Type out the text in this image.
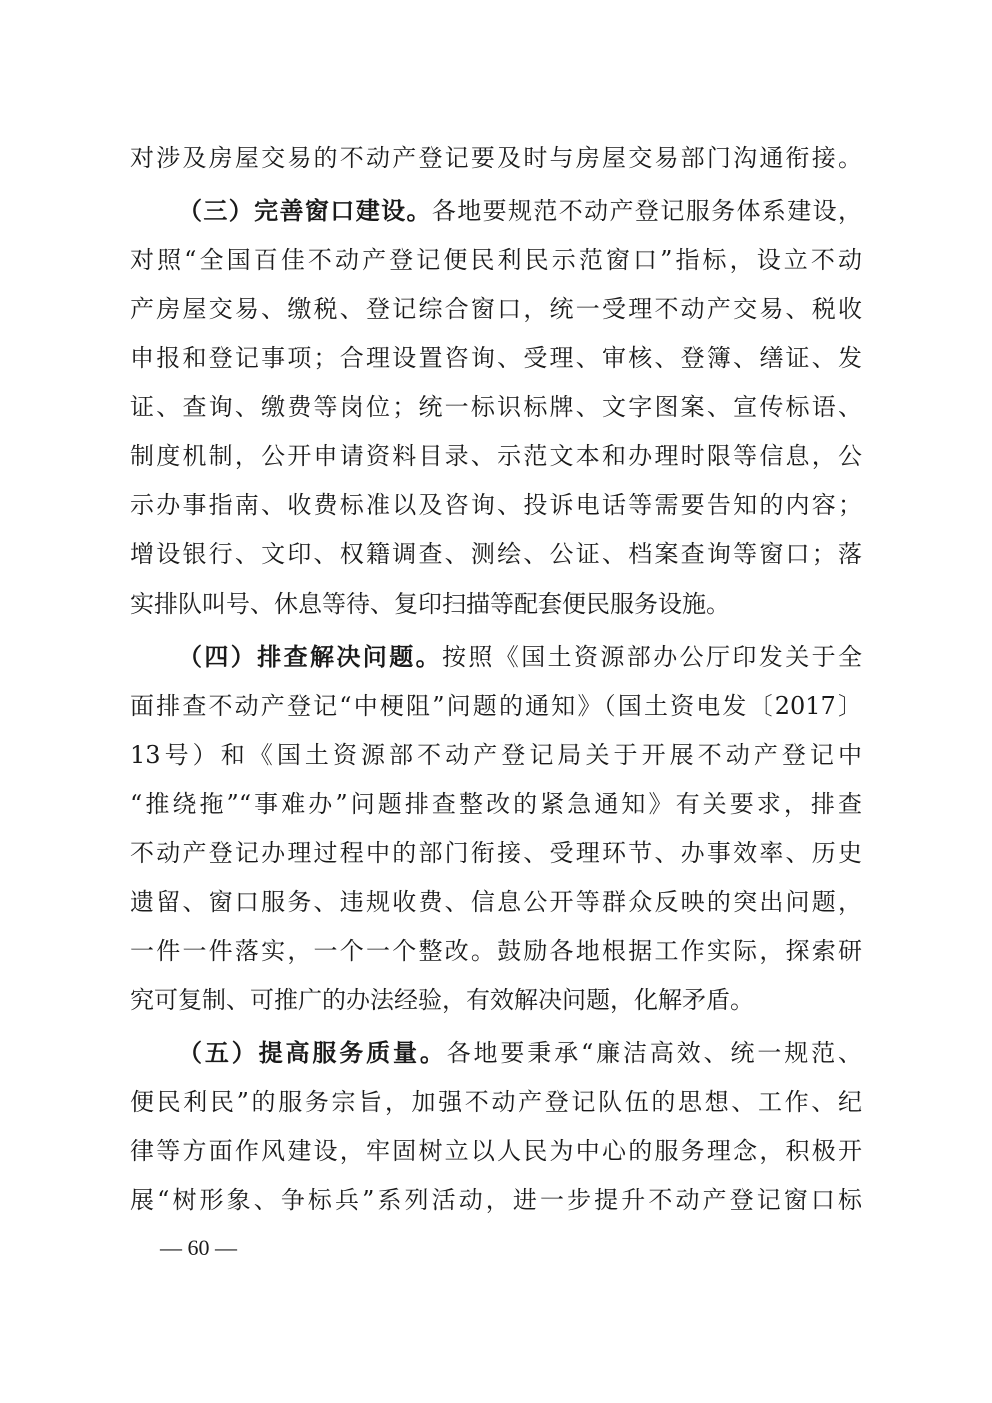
对涉及房屋交易的不动产登记要及时与房屋交易部门沟通衔接。
（三）完善窗口建设。各地要规范不动产登记服务体系建设，
对照“全国百佳不动产登记便民利民示范窗口”指标，设立不动
产房屋交易、缴税、登记综合窗口，统一受理不动产交易、税收
申报和登记事项；合理设置咨询、受理、审核、登簿、缮证、发
证、查询、缴费等岗位；统一标识标牌、文字图案、宣传标语、
制度机制，公开申请资料目录、示范文本和办理时限等信息，公
示办事指南、收费标准以及咨询、投诉电话等需要告知的内容；
增设银行、文印、权籍调查、测绘、公证、档案查询等窗口；落
实排队叫号、休息等待、复印扫描等配套便民服务设施。
（四）排查解决问题。按照《国土资源部办公厅印发关于全
面排查不动产登记“中梗阻”问题的通知》（国土资电发〔2017〕
13号）和《国土资源部不动产登记局关于开展不动产登记中
“推绕拖”“事难办”问题排查整改的紧急通知》有关要求，排查
不动产登记办理过程中的部门衔接、受理环节、办事效率、历史
遗留、窗口服务、违规收费、信息公开等群众反映的突出问题，
一件一件落实，一个一个整改。鼓励各地根据工作实际，探索研
究可复制、可推广的办法经验，有效解决问题，化解矛盾。
（五）提高服务质量。各地要秉承“廉洁高效、统一规范、
便民利民”的服务宗旨，加强不动产登记队伍的思想、工作、纪
律等方面作风建设，牢固树立以人民为中心的服务理念，积极开
展“树形象、争标兵”系列活动，进一步提升不动产登记窗口标
— 60 —
